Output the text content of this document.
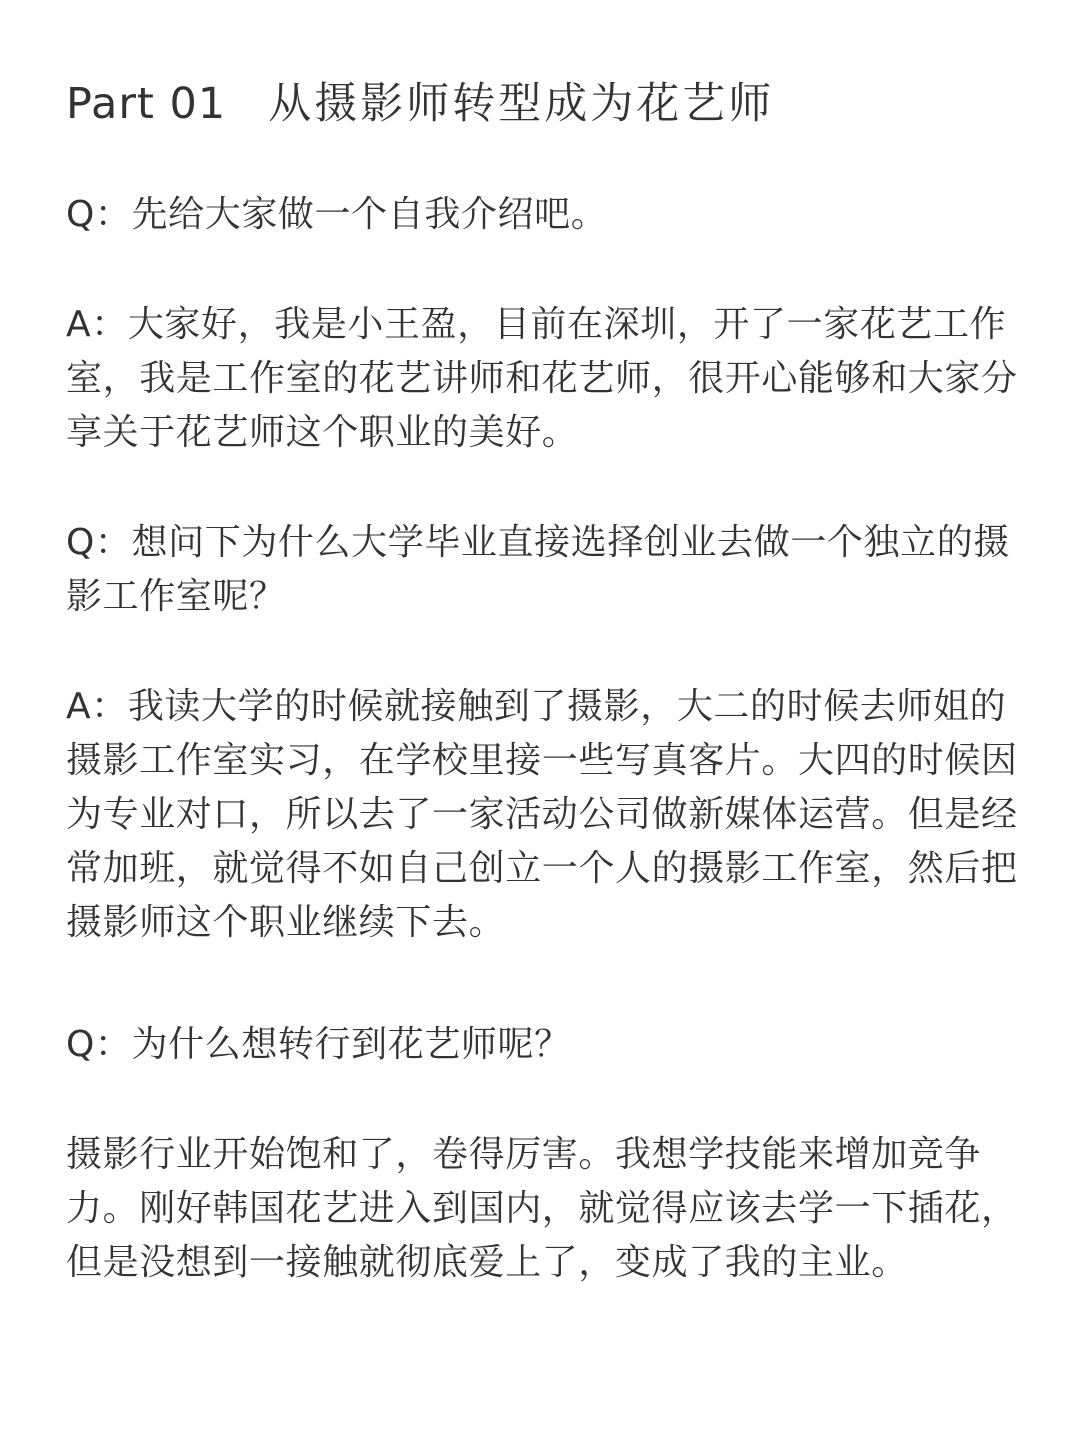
Part 01 从摄影师转型成为花艺师

Q：先给大家做一个自我介绍吧。

A：大家好，我是小王盈，目前在深圳，开了一家花艺工作室，我是工作室的花艺讲师和花艺师，很开心能够和大家分享关于花艺师这个职业的美好。

Q：想问下为什么大学毕业直接选择创业去做一个独立的摄影工作室呢？

A：我读大学的时候就接触到了摄影，大二的时候去师姐的摄影工作室实习，在学校里接一些写真客片。大四的时候因为专业对口，所以去了一家活动公司做新媒体运营。但是经常加班，就觉得不如自己创立一个人的摄影工作室，然后把摄影师这个职业继续下去。

Q：为什么想转行到花艺师呢？

摄影行业开始饱和了，卷得厉害。我想学技能来增加竞争力。刚好韩国花艺进入到国内，就觉得应该去学一下插花，但是没想到一接触就彻底爱上了，变成了我的主业。
